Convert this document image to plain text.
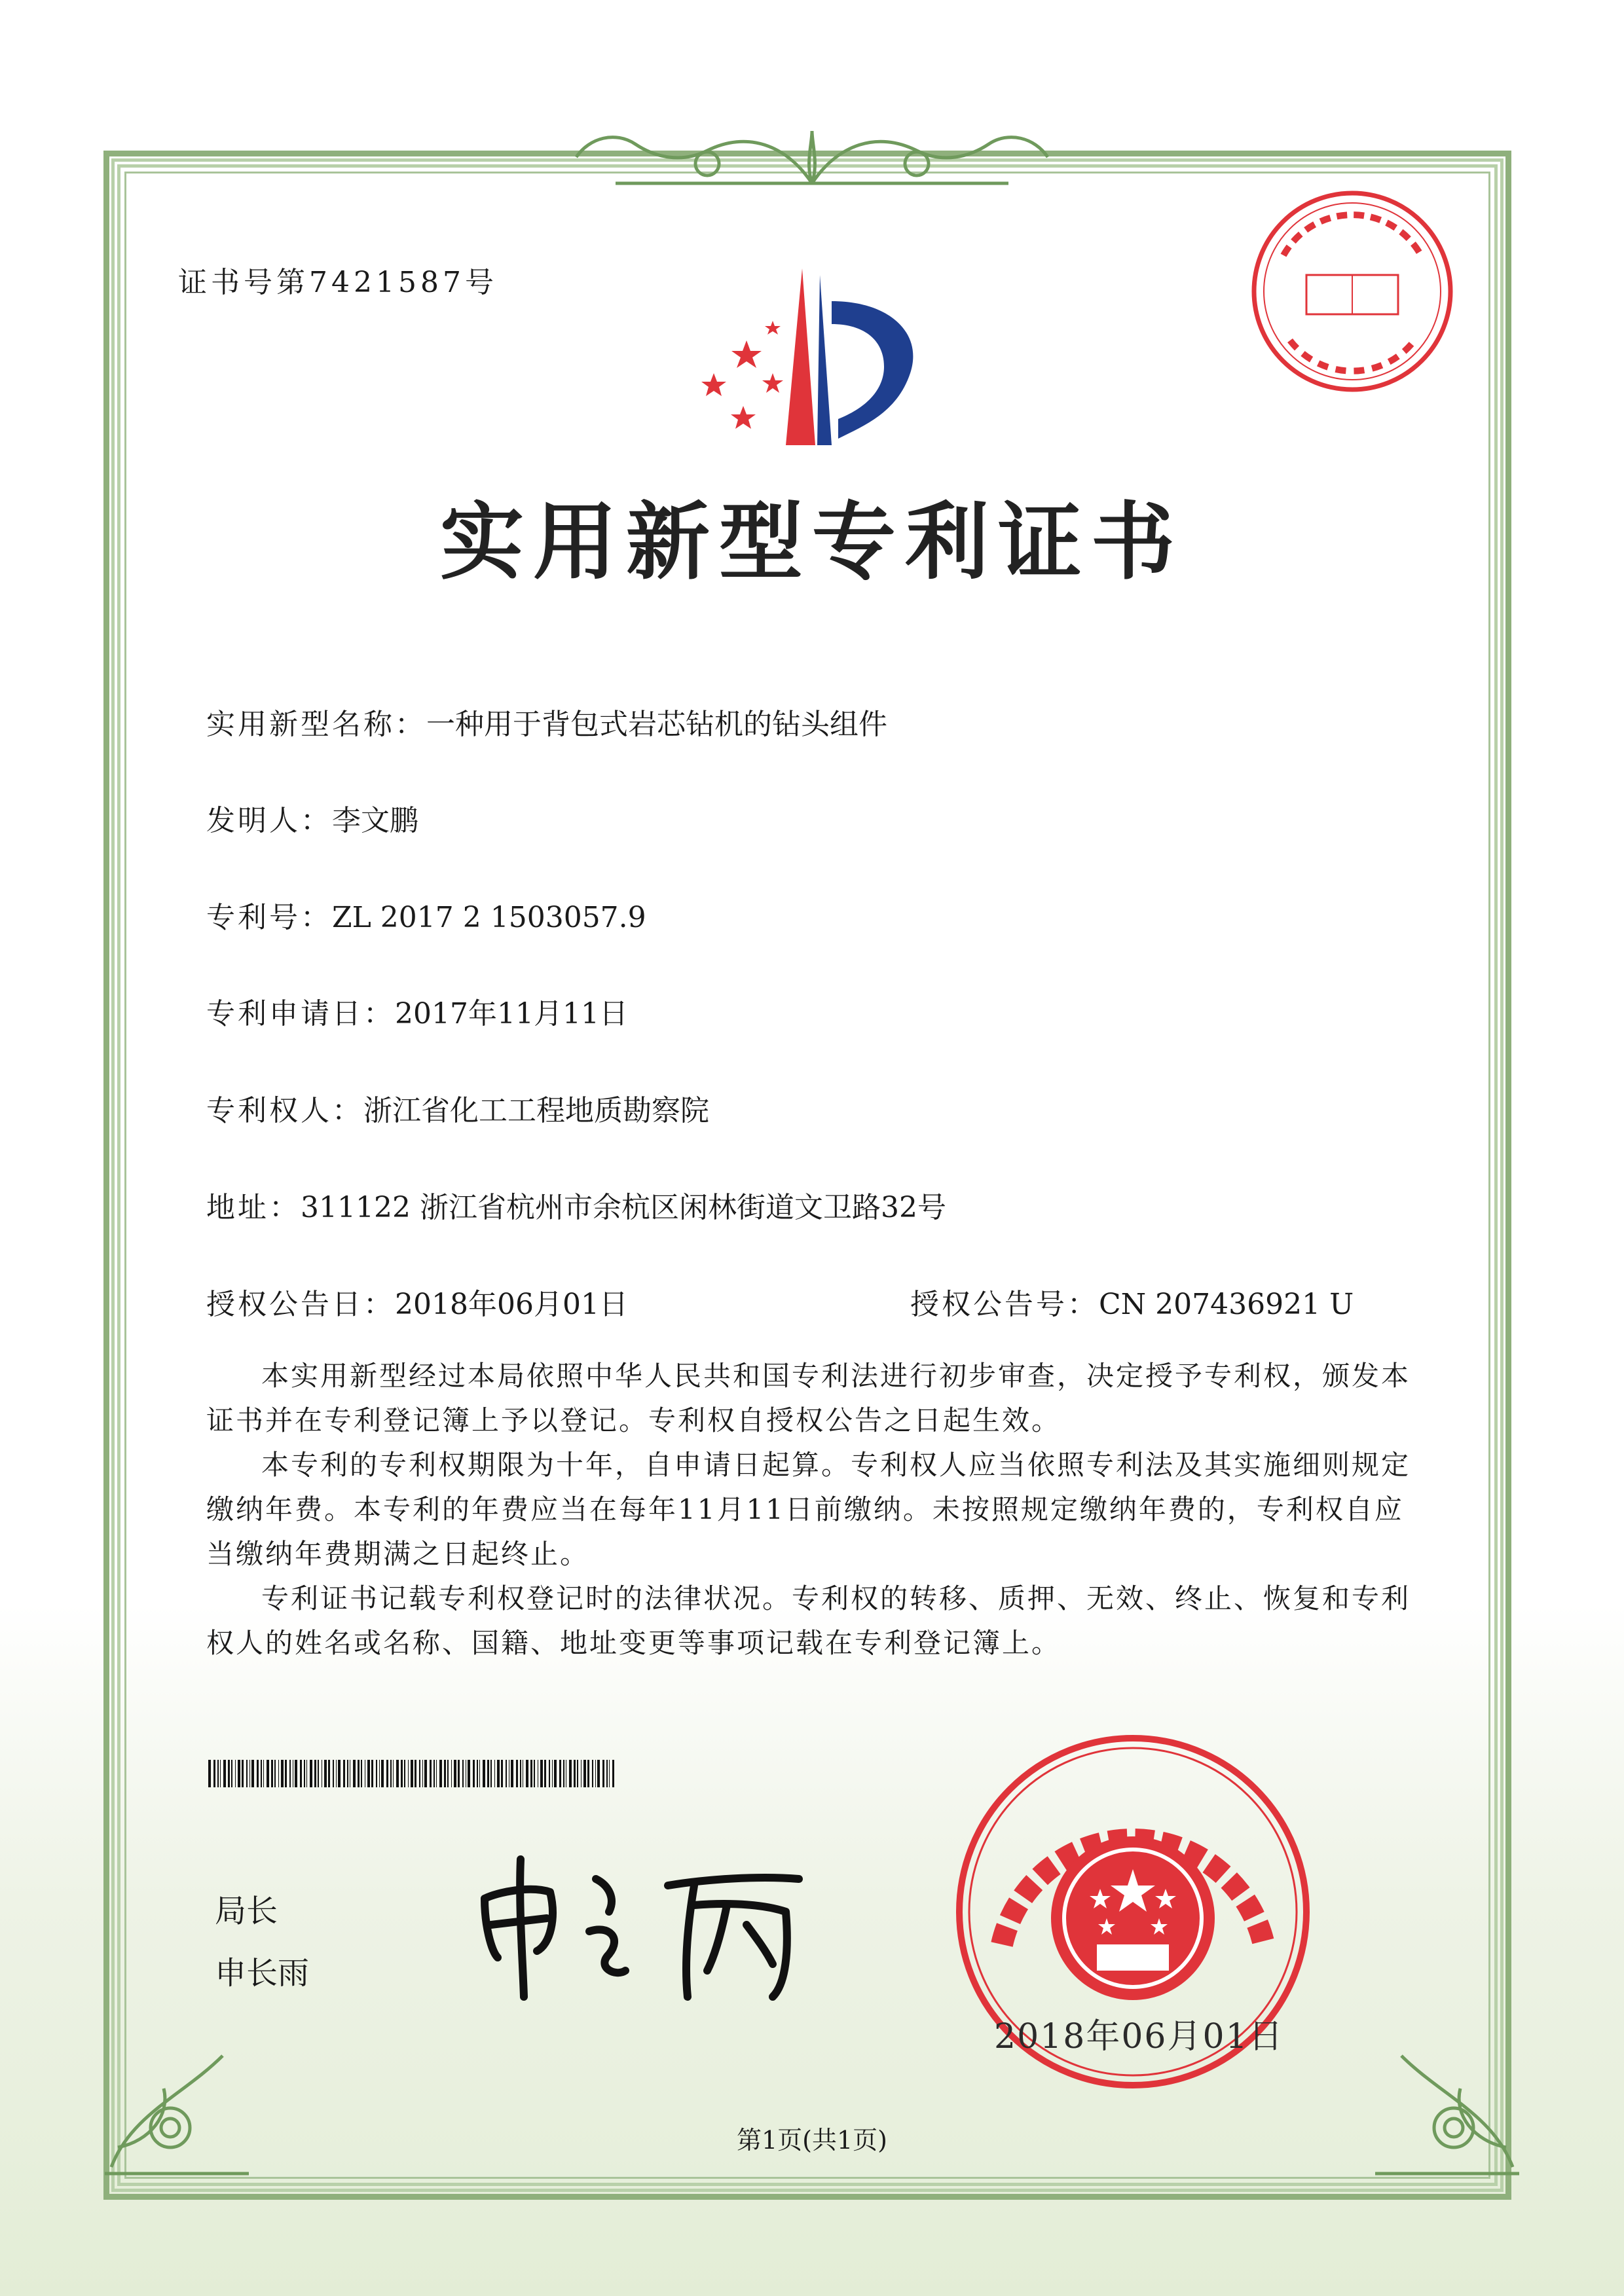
证书号第7421587号
实用新型专利证书
实用新型名称：一种用于背包式岩芯钻机的钻头组件
发明人：李文鹏
专利号：ZL 2017 2 1503057.9
专利申请日：2017年11月11日
专利权人：浙江省化工工程地质勘察院
地址：311122 浙江省杭州市余杭区闲林街道文卫路32号
授权公告日：2018年06月01日	授权公告号：CN 207436921 U
本实用新型经过本局依照中华人民共和国专利法进行初步审查，决定授予专利权，颁发本证书并在专利登记簿上予以登记。专利权自授权公告之日起生效。
本专利的专利权期限为十年，自申请日起算。专利权人应当依照专利法及其实施细则规定缴纳年费。本专利的年费应当在每年11月11日前缴纳。未按照规定缴纳年费的，专利权自应当缴纳年费期满之日起终止。
专利证书记载专利权登记时的法律状况。专利权的转移、质押、无效、终止、恢复和专利权人的姓名或名称、国籍、地址变更等事项记载在专利登记簿上。
局长
申长雨
2018年06月01日
第1页(共1页)
